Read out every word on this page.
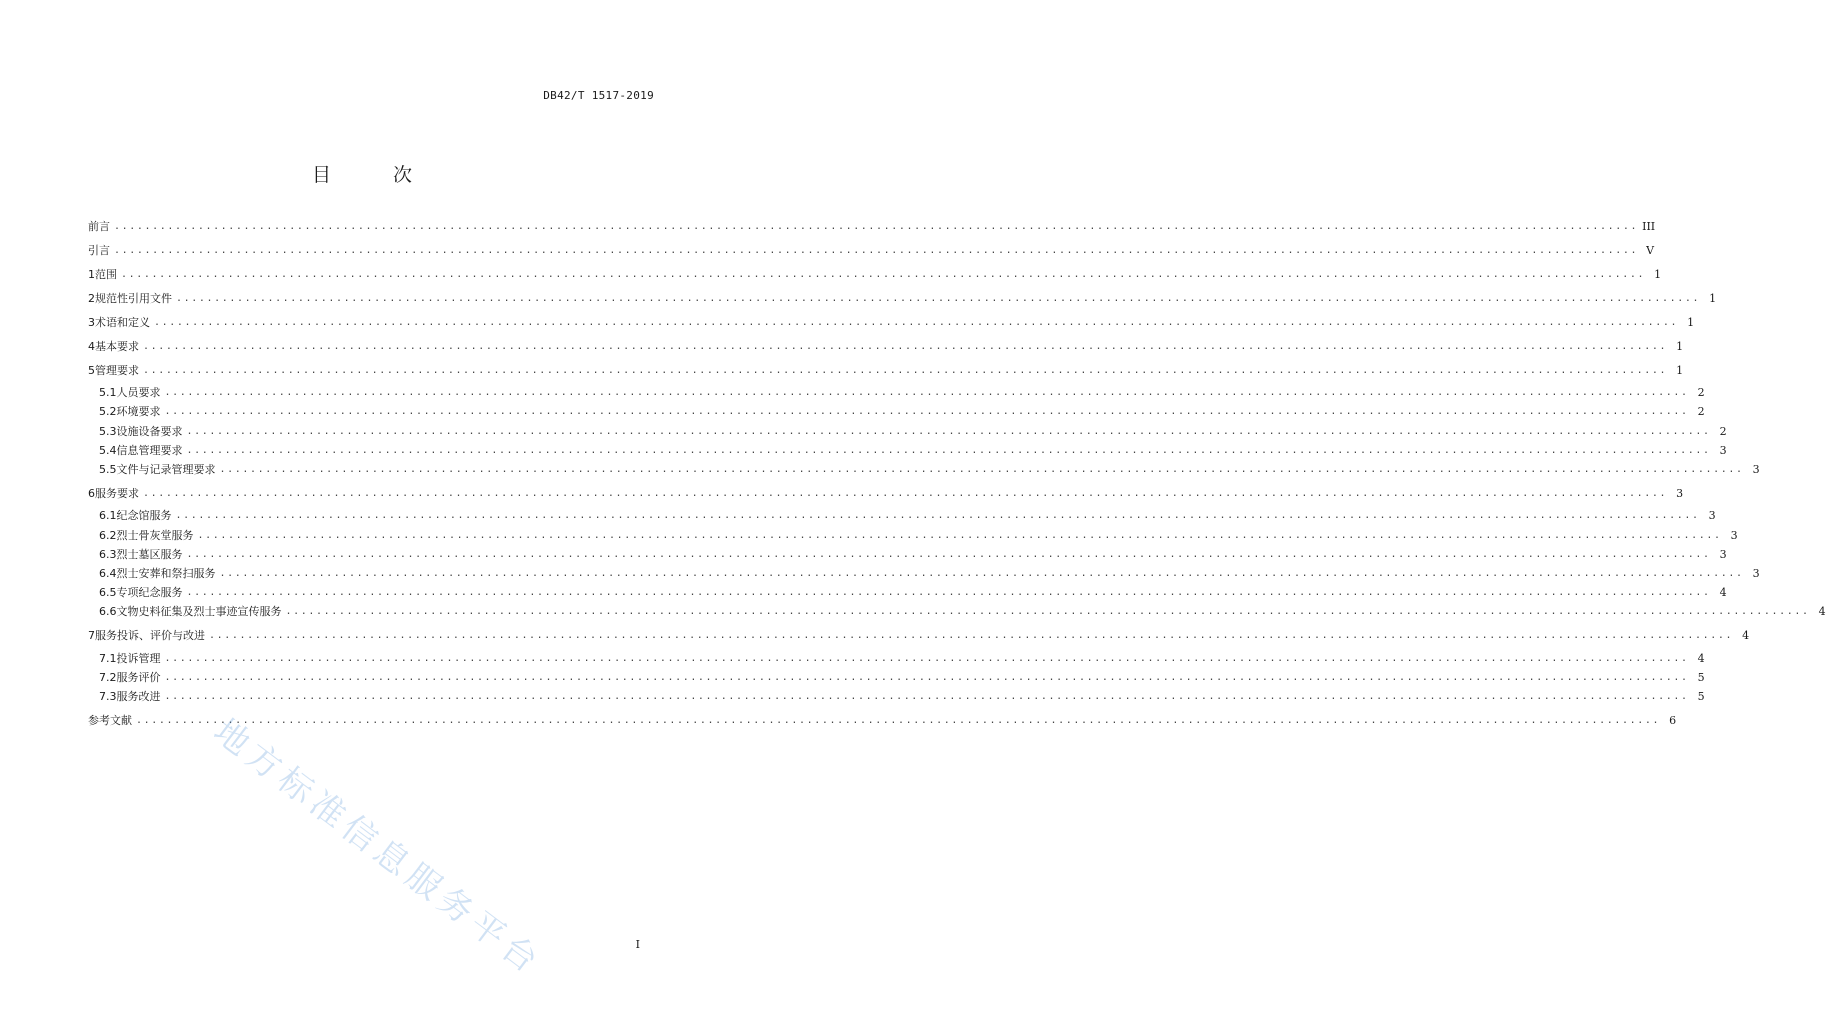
DB42/T 1517-2019
目 次
前言 ........................................................................................................................................................................................................ III
引言 ........................................................................................................................................................................................................ V
1 范围 ........................................................................................................................................................................................................ 1
2 规范性引用文件 ........................................................................................................................................................................................................ 1
3 术语和定义 ........................................................................................................................................................................................................ 1
4 基本要求 ........................................................................................................................................................................................................ 1
5 管理要求 ........................................................................................................................................................................................................ 1
5.1 人员要求 ........................................................................................................................................................................................................ 2
5.2 环境要求 ........................................................................................................................................................................................................ 2
5.3 设施设备要求 ........................................................................................................................................................................................................ 2
5.4 信息管理要求 ........................................................................................................................................................................................................ 3
5.5 文件与记录管理要求 ........................................................................................................................................................................................................ 3
6 服务要求 ........................................................................................................................................................................................................ 3
6.1 纪念馆服务 ........................................................................................................................................................................................................ 3
6.2 烈士骨灰堂服务 ........................................................................................................................................................................................................ 3
6.3 烈士墓区服务 ........................................................................................................................................................................................................ 3
6.4 烈士安葬和祭扫服务 ........................................................................................................................................................................................................ 3
6.5 专项纪念服务 ........................................................................................................................................................................................................ 4
6.6 文物史料征集及烈士事迹宣传服务 ........................................................................................................................................................................................................ 4
7 服务投诉、评价与改进 ........................................................................................................................................................................................................ 4
7.1 投诉管理 ........................................................................................................................................................................................................ 4
7.2 服务评价 ........................................................................................................................................................................................................ 5
7.3 服务改进 ........................................................................................................................................................................................................ 5
参考文献 ........................................................................................................................................................................................................ 6
I
地方标准信息服务平台
